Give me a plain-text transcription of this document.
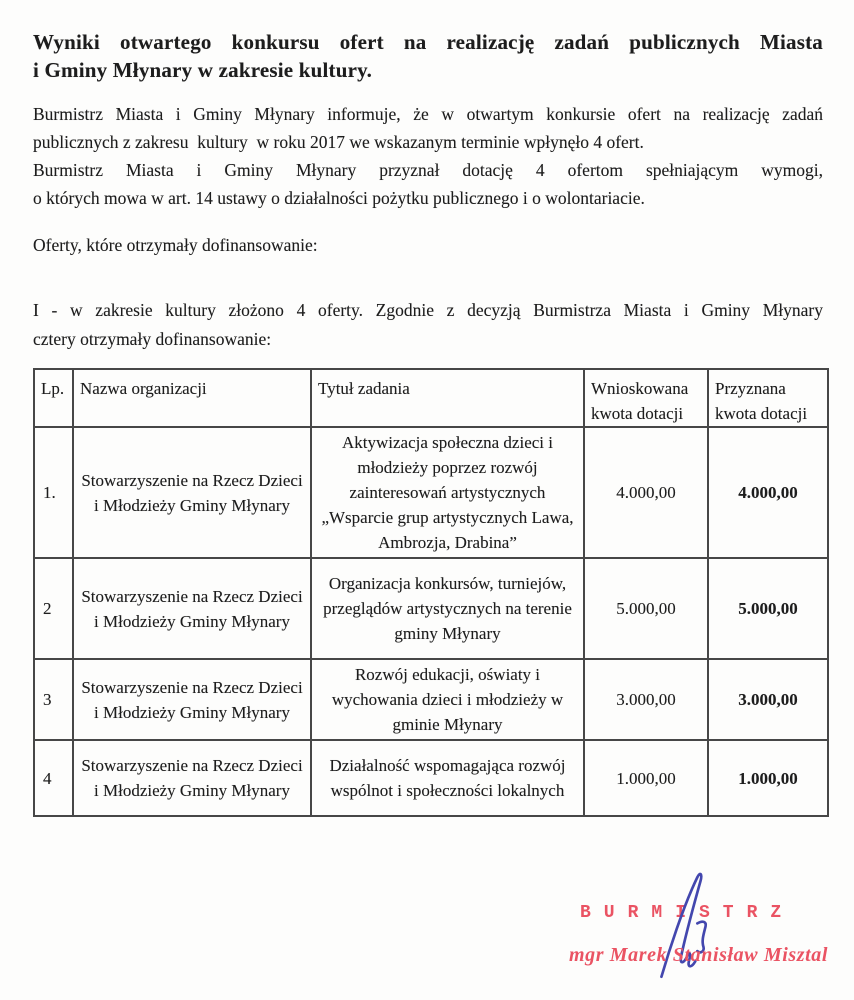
Wyniki otwartego konkursu ofert na realizację zadań publicznych Miasta
i Gminy Młynary w zakresie kultury.
Burmistrz Miasta i Gminy Młynary informuje, że w otwartym konkursie ofert na realizację zadań
publicznych z zakresu  kultury  w roku 2017 we wskazanym terminie wpłynęło 4 ofert.
Burmistrz Miasta i Gminy Młynary przyznał dotację 4 ofertom spełniającym wymogi,
o których mowa w art. 14 ustawy o działalności pożytku publicznego i o wolontariacie.
Oferty, które otrzymały dofinansowanie:
I - w zakresie kultury złożono 4 oferty. Zgodnie z decyzją Burmistrza Miasta i Gminy Młynary
cztery otrzymały dofinansowanie:
Lp.	Nazwa organizacji	Tytuł zadania	Wnioskowana kwota dotacji	Przyznana kwota dotacji
1.	Stowarzyszenie na Rzecz Dzieci i Młodzieży Gminy Młynary	Aktywizacja społeczna dzieci i młodzieży poprzez rozwój zainteresowań artystycznych „Wsparcie grup artystycznych Lawa, Ambrozja, Drabina”	4.000,00	4.000,00
2	Stowarzyszenie na Rzecz Dzieci i Młodzieży Gminy Młynary	Organizacja konkursów, turniejów, przeglądów artystycznych na terenie gminy Młynary	5.000,00	5.000,00
3	Stowarzyszenie na Rzecz Dzieci i Młodzieży Gminy Młynary	Rozwój edukacji, oświaty i wychowania dzieci i młodzieży w gminie Młynary	3.000,00	3.000,00
4	Stowarzyszenie na Rzecz Dzieci i Młodzieży Gminy Młynary	Działalność wspomagająca rozwój wspólnot i społeczności lokalnych	1.000,00	1.000,00
BURMISTRZ
mgr Marek Stanisław Misztal
